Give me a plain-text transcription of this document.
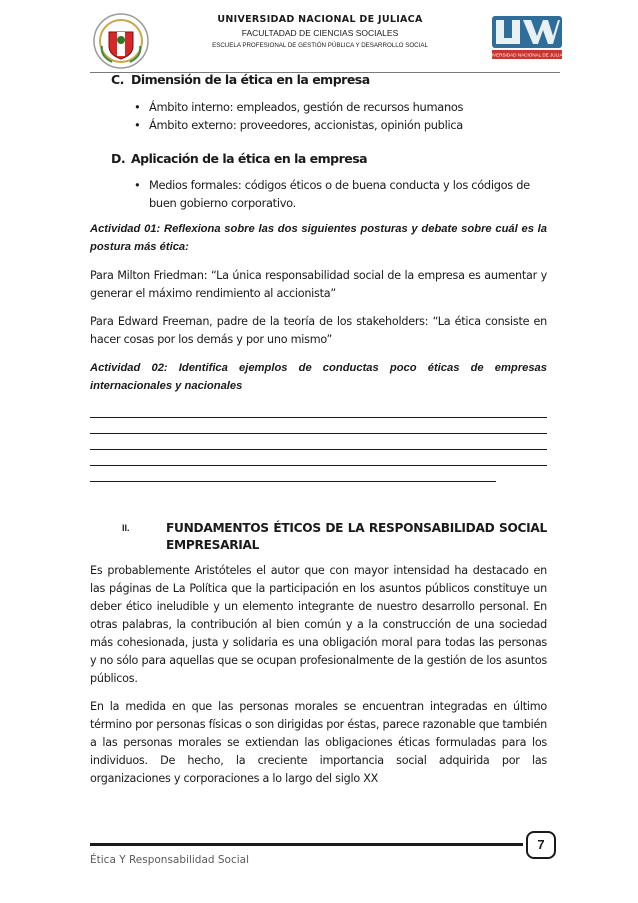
UNIVERSIDAD NACIONAL DE JULIACA
FACULTADAD DE CIENCIAS SOCIALES
ESCUELA PROFESIONAL DE GESTIÓN PÚBLICA Y DESARROLLO SOCIAL
UNIVERSIDAD NACIONAL DE JULIACA
C. Dimensión de la ética en la empresa
• Ámbito interno: empleados, gestión de recursos humanos
• Ámbito externo: proveedores, accionistas, opinión publica
D. Aplicación de la ética en la empresa
• Medios formales: códigos éticos o de buena conducta y los códigos de buen gobierno corporativo.
Actividad 01: Reflexiona sobre las dos siguientes posturas y debate sobre cuál es la postura más ética:
Para Milton Friedman: “La única responsabilidad social de la empresa es aumentar y generar el máximo rendimiento al accionista”
Para Edward Freeman, padre de la teoría de los stakeholders: “La ética consiste en hacer cosas por los demás y por uno mismo”
Actividad 02: Identifica ejemplos de conductas poco éticas de empresas internacionales y nacionales
II.	FUNDAMENTOS ÉTICOS DE LA RESPONSABILIDAD SOCIAL EMPRESARIAL
Es probablemente Aristóteles el autor que con mayor intensidad ha destacado en las páginas de La Política que la participación en los asuntos públicos constituye un deber ético ineludible y un elemento integrante de nuestro desarrollo personal. En otras palabras, la contribución al bien común y a la construcción de una sociedad más cohesionada, justa y solidaria es una obligación moral para todas las personas y no sólo para aquellas que se ocupan profesionalmente de la gestión de los asuntos públicos.
En la medida en que las personas morales se encuentran integradas en último término por personas físicas o son dirigidas por éstas, parece razonable que también a las personas morales se extiendan las obligaciones éticas formuladas para los individuos. De hecho, la creciente importancia social adquirida por las organizaciones y corporaciones a lo largo del siglo XX
7
Ética Y Responsabilidad Social
